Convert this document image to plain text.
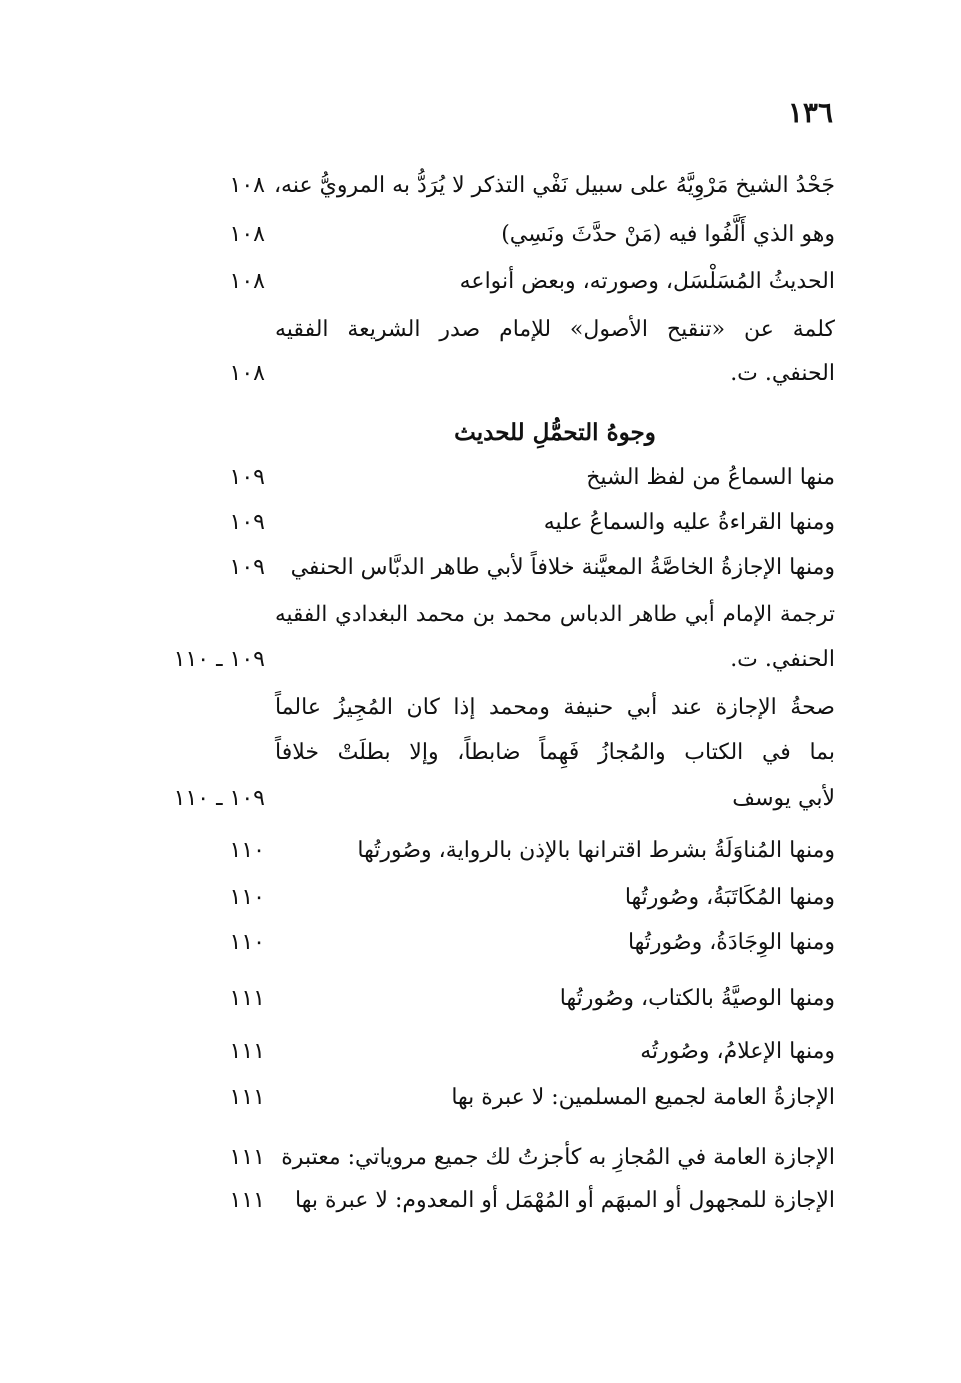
١٣٦
جَحْدُ الشيخ مَرْوِيَّهُ على سبيل نَفْي التذكر لا يُرَدُّ به المرويُّ عنه،
١٠٨
وهو الذي أَلَّفُوا فيه (مَنْ حدَّثَ ونَسِي)
١٠٨
الحديثُ المُسَلْسَل، وصورته، وبعض أنواعه
١٠٨
كلمة عن «تنقيح الأصول» للإمام صدر الشريعة الفقيه
الحنفي. ت.
١٠٨
وجوهُ التحمُّلِ للحديث
منها السماعُ من لفظ الشيخ
١٠٩
ومنها القراءةُ عليه والسماعُ عليه
١٠٩
ومنها الإجازةُ الخاصَّةُ المعيَّنة خلافاً لأبي طاهر الدبَّاس الحنفي
١٠٩
ترجمة الإمام أبي طاهر الدباس محمد بن محمد البغدادي الفقيه
الحنفي. ت.
١٠٩ ـ ١١٠
صحةُ الإجازة عند أبي حنيفة ومحمد إذا كان المُجِيزُ عالماً
بما في الكتاب والمُجازُ فَهِماً ضابطاً، وإلا بطلَتْ خلافاً
لأبي يوسف
١٠٩ ـ ١١٠
ومنها المُناوَلَةُ بشرط اقترانها بالإذن بالرواية، وصُورتُها
١١٠
ومنها المُكَاتَبَةُ، وصُورتُها
١١٠
ومنها الوِجَادَةُ، وصُورتُها
١١٠
ومنها الوصيَّةُ بالكتاب، وصُورتُها
١١١
ومنها الإعلامُ، وصُورتُه
١١١
الإجازةُ العامة لجميع المسلمين: لا عبرة بها
١١١
الإجازة العامة في المُجازِ به كأجزتُ لك جميع مروياتي: معتبرة
١١١
الإجازة للمجهول أو المبهَم أو المُهْمَل أو المعدوم: لا عبرة بها
١١١
